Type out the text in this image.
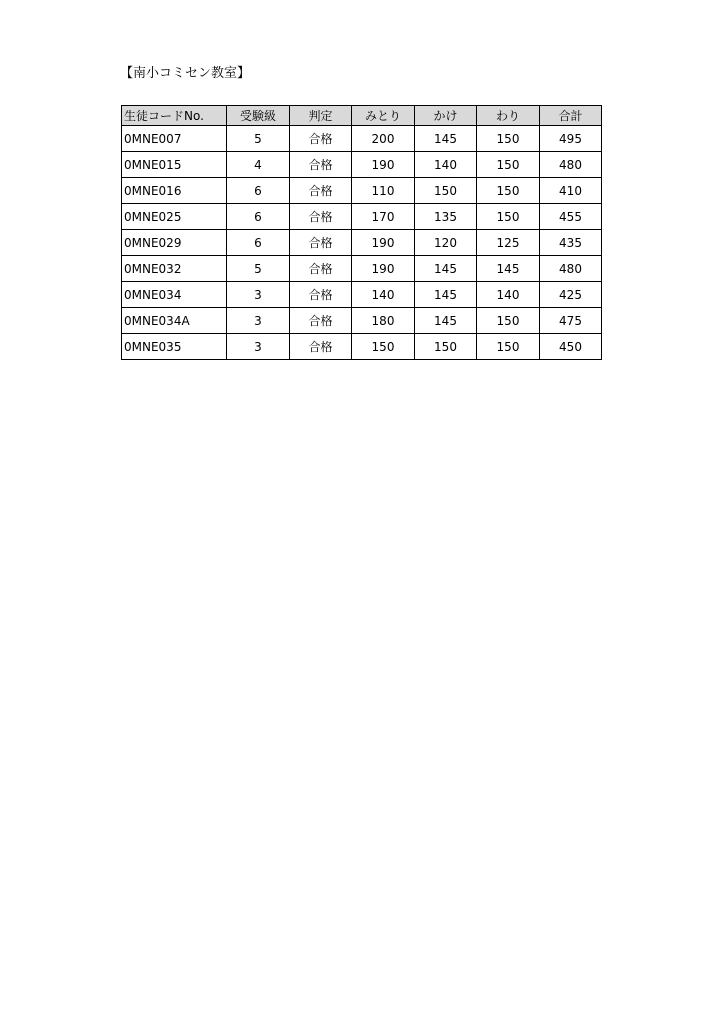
【南小コミセン教室】
生徒コードNo.	受験級	判定	みとり	かけ	わり	合計
0MNE007	5	合格	200	145	150	495
0MNE015	4	合格	190	140	150	480
0MNE016	6	合格	110	150	150	410
0MNE025	6	合格	170	135	150	455
0MNE029	6	合格	190	120	125	435
0MNE032	5	合格	190	145	145	480
0MNE034	3	合格	140	145	140	425
0MNE034A	3	合格	180	145	150	475
0MNE035	3	合格	150	150	150	450
